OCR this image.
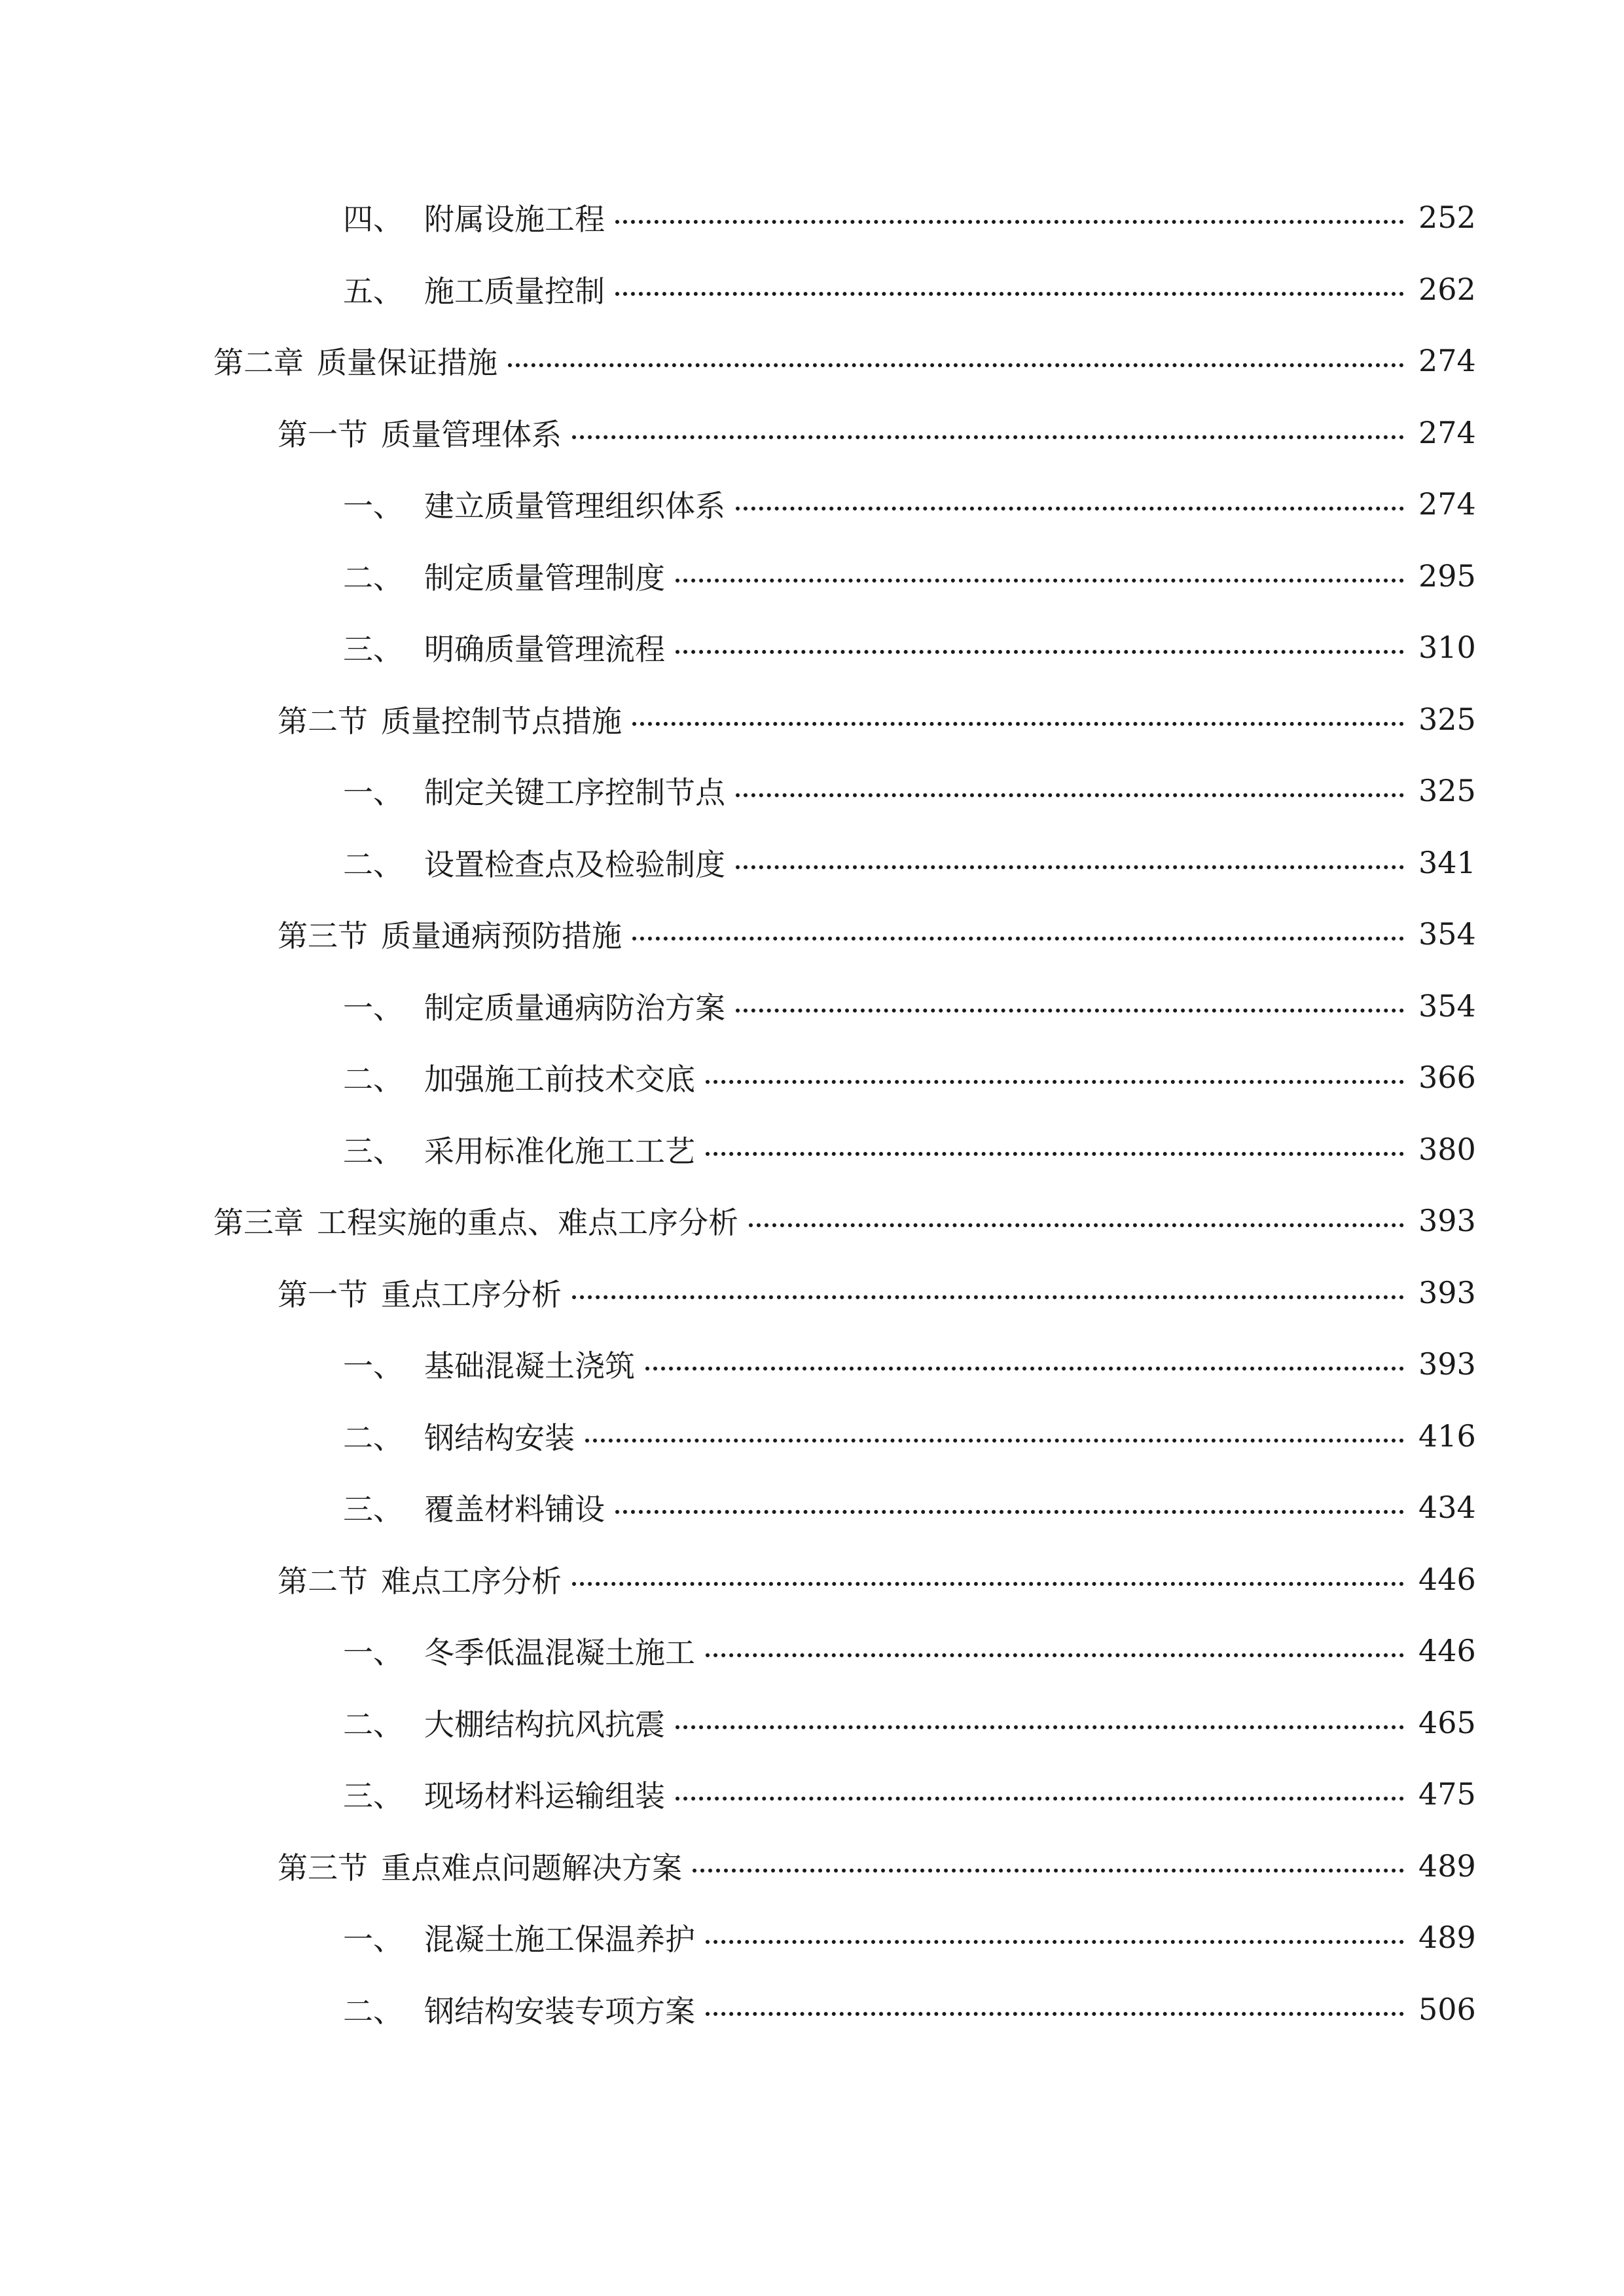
四、 附属设施工程	252
五、 施工质量控制	262
第二章 质量保证措施	274
第一节 质量管理体系	274
一、 建立质量管理组织体系	274
二、 制定质量管理制度	295
三、 明确质量管理流程	310
第二节 质量控制节点措施	325
一、 制定关键工序控制节点	325
二、 设置检查点及检验制度	341
第三节 质量通病预防措施	354
一、 制定质量通病防治方案	354
二、 加强施工前技术交底	366
三、 采用标准化施工工艺	380
第三章 工程实施的重点、难点工序分析	393
第一节 重点工序分析	393
一、 基础混凝土浇筑	393
二、 钢结构安装	416
三、 覆盖材料铺设	434
第二节 难点工序分析	446
一、 冬季低温混凝土施工	446
二、 大棚结构抗风抗震	465
三、 现场材料运输组装	475
第三节 重点难点问题解决方案	489
一、 混凝土施工保温养护	489
二、 钢结构安装专项方案	506
